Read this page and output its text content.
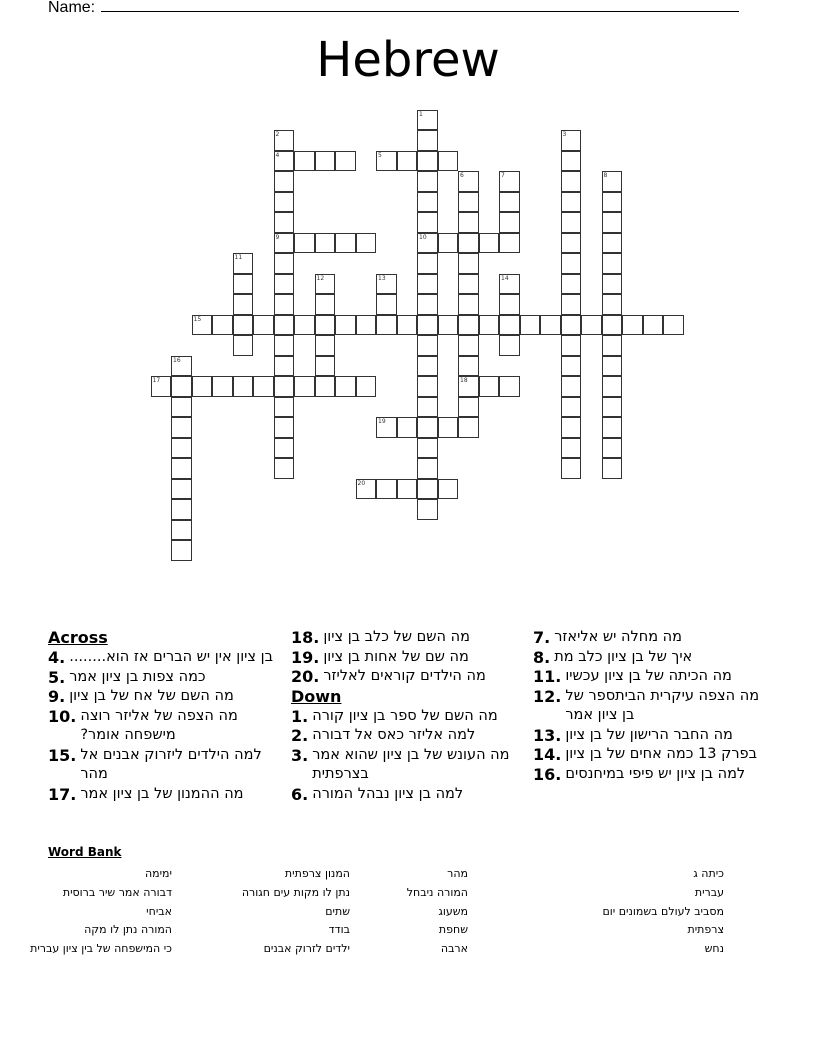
Name:
Hebrew
1
10
2
4
9
3
5
6
18
7	8
11
12	13	14
15
16
17
19
20
Across
4. בן ציון אין יש הברים אז הוא........
5. כמה צפות בן ציון אמר
9. מה השם של אח של בן ציון
10. מה הצפה של אליזר רוצה מישפחה אומר?
15. למה הילדים ליזרוק אבנים אל מהר
17. מה ההמנון של בן ציון אמר
18. מה השם של כלב בן ציון
19. מה שם של אחות בן ציון
20. מה הילדים קוראים לאליזר
Down
1. מה השם של ספר בן ציון קורה
2. למה אליזר כאס אל דבורה
3. מה העונש של בן ציון שהוא אמר בצרפתית
6. למה בן ציון נבהל המורה
7. מה מחלה יש אליאזר
8. איך של בן ציון כלב מת
11. מה הכיתה של בן ציון עכשיו
12. מה הצפה עיקרית הביתספר של בן ציון אמר
13. מה החבר הרישון של בן ציון
14. בפרק 13 כמה אחים של בן ציון
16. למה בן ציון יש פיפי במיחנסים
Word Bank
ימימה
דבורה אמר שיר ברוסית
אביחי
המורה נתן לו מקה
כי המישפחה של בין ציון עברית
המנון צרפתית
נתן לו מקות עים חגורה
שתים
בודד
ילדים לזרוק אבנים
מהר
המורה ניבחל
משעוג
שחפת
ארבה
כיתה ג
עברית
מסביב לעולם בשמונים יום
צרפתית
נחש
